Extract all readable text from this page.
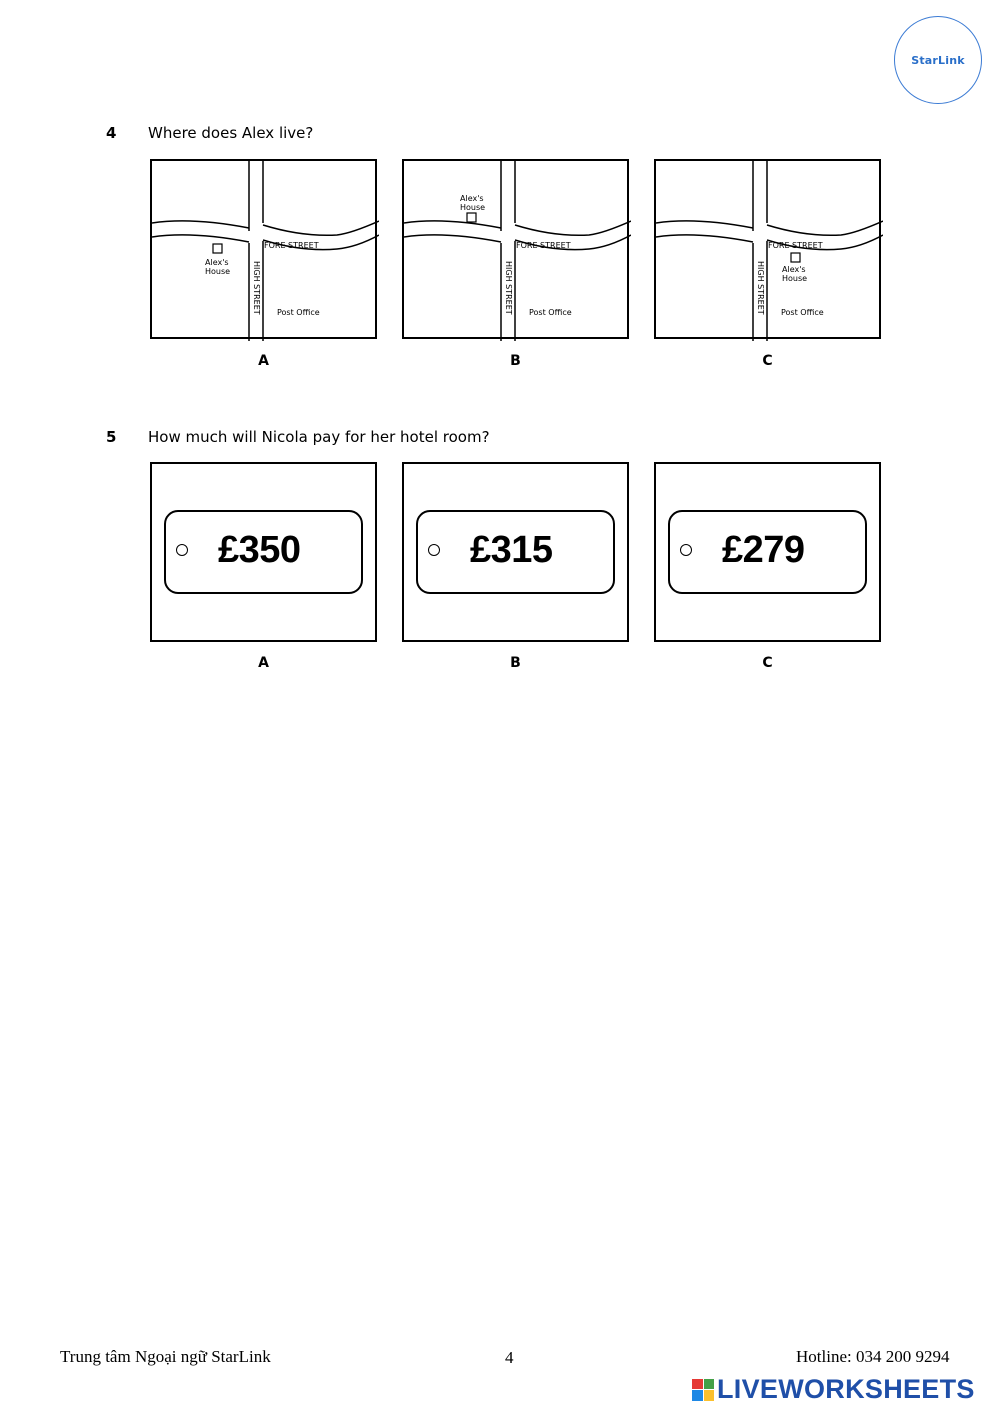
StarLink
4 Where does Alex live?
FORE STREET
HIGH STREET Post Office
Alex's
House
A
FORE STREET
HIGH STREET Post Office
Alex's
House
B
FORE STREET
HIGH STREET Post Office
Alex's
House
C
5 How much will Nicola pay for her hotel room?
£350
A
£315
B
£279
C
Trung tâm Ngoại ngữ StarLink	4	Hotline: 034 200 9294
LIVEWORKSHEETS
